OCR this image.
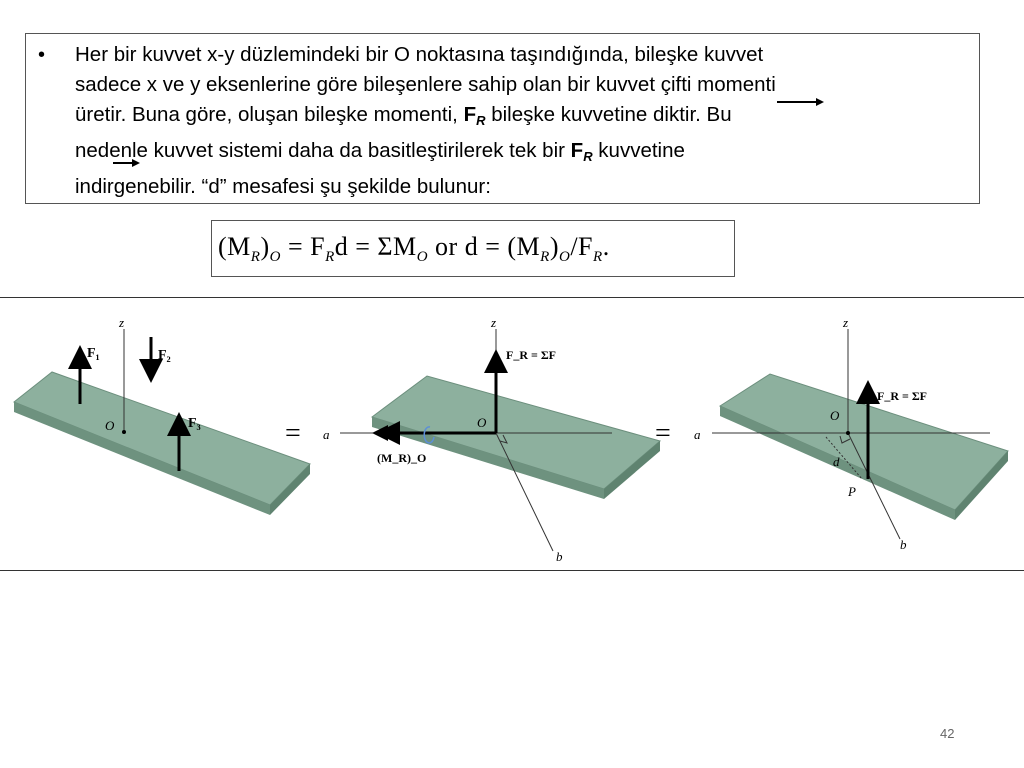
• Her bir kuvvet x-y düzlemindeki bir O noktasına taşındığında, bileşke kuvvet
sadece x ve y eksenlerine göre bileşenlere sahip olan bir kuvvet çifti momenti
üretir. Buna göre, oluşan bileşke momenti, $F_R$ bileşke kuvvetine diktir. Bu
nedenle kuvvet sistemi daha da basitleştirilerek tek bir FR kuvvetine
indirgenebilir. “d” mesafesi şu şekilde bulunur:
$(M_R)_O = F_Rd = \Sigma M_O$ or $d = (M_R)_O/F_R$.
z
O
F₁	F₂
F₃	= a
z
b
O
F_R = ΣF
(M_R)_O
= a
z
b
O
d
P
F_R = ΣF
42
